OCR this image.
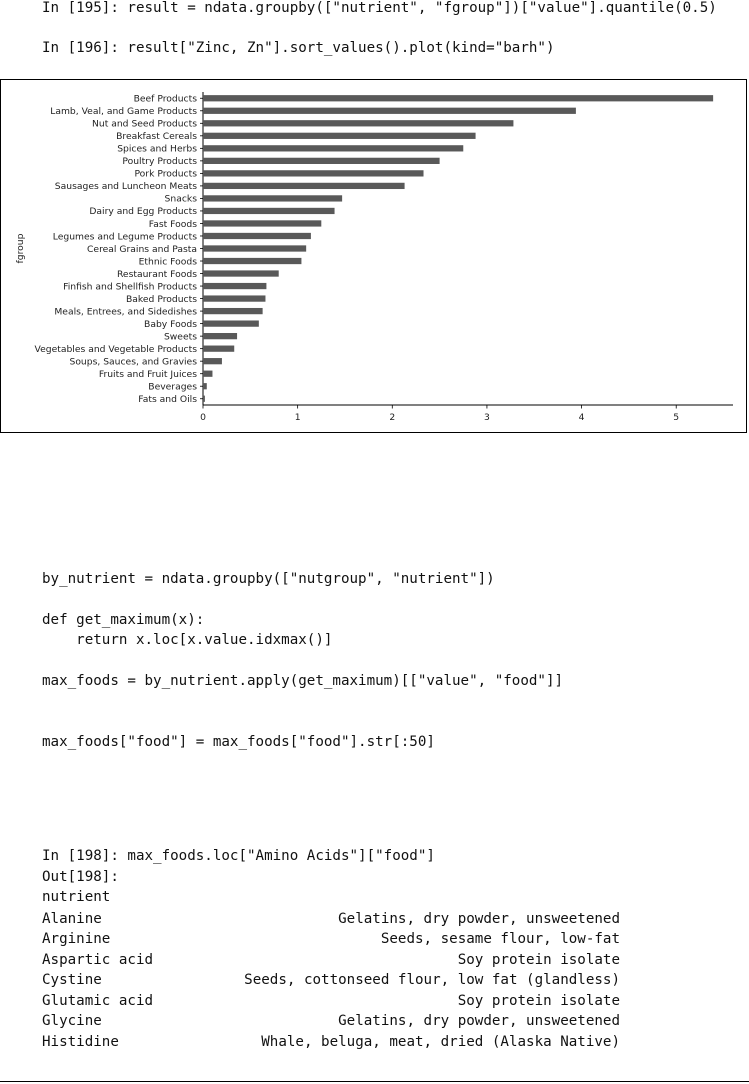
In [195]: result = ndata.groupby(["nutrient", "fgroup"])["value"].quantile(0.5)
In [196]: result["Zinc, Zn"].sort_values().plot(kind="barh")
Beef Products
Lamb, Veal, and Game Products
Nut and Seed Products
Breakfast Cereals
Spices and Herbs
Poultry Products
Pork Products
Sausages and Luncheon Meats
Snacks
Dairy and Egg Products
Fast Foods
Legumes and Legume Products
Cereal Grains and Pasta
Ethnic Foods
Restaurant Foods
Finfish and Shellfish Products
Baked Products
Meals, Entrees, and Sidedishes
Baby Foods
Sweets
Vegetables and Vegetable Products
Soups, Sauces, and Gravies
Fruits and Fruit Juices
Beverages
Fats and Oils
0	1	2	3	4	5
fgroup
by_nutrient = ndata.groupby(["nutgroup", "nutrient"])
def get_maximum(x):
return x.loc[x.value.idxmax()]
max_foods = by_nutrient.apply(get_maximum)[["value", "food"]]
max_foods["food"] = max_foods["food"].str[:50]
In [198]: max_foods.loc["Amino Acids"]["food"]
Out[198]:
nutrient
Alanine	Gelatins, dry powder, unsweetened
Arginine	Seeds, sesame flour, low-fat
Aspartic acid	Soy protein isolate
Cystine	Seeds, cottonseed flour, low fat (glandless)
Glutamic acid	Soy protein isolate
Glycine	Gelatins, dry powder, unsweetened
Histidine	Whale, beluga, meat, dried (Alaska Native)
